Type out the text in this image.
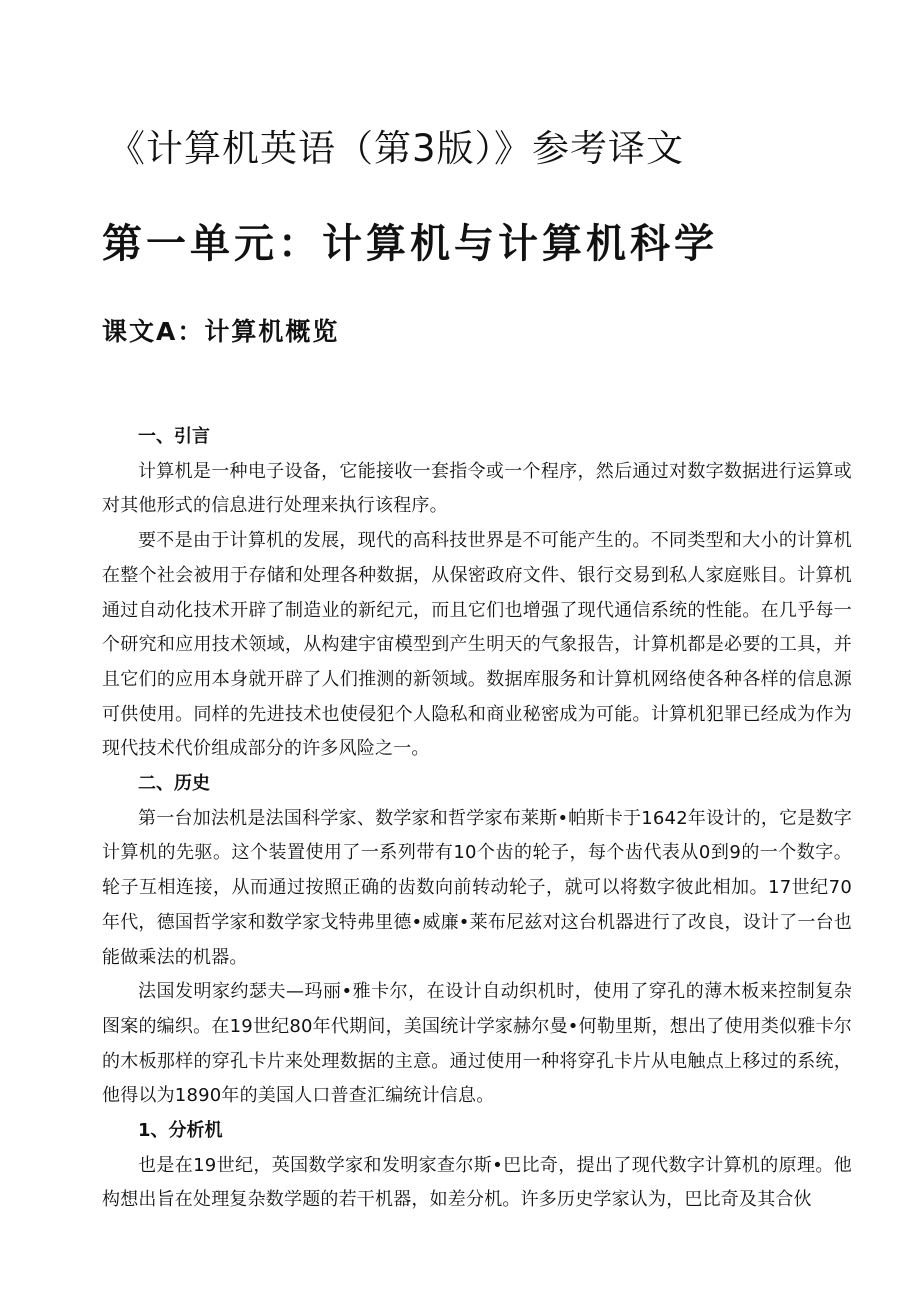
《计算机英语（第3版）》参考译文
第一单元：计算机与计算机科学
课文A：计算机概览

一、引言

计算机是一种电子设备，它能接收一套指令或一个程序，然后通过对数字数据进行运算或对其他形式的信息进行处理来执行该程序。

要不是由于计算机的发展，现代的高科技世界是不可能产生的。不同类型和大小的计算机在整个社会被用于存储和处理各种数据，从保密政府文件、银行交易到私人家庭账目。计算机通过自动化技术开辟了制造业的新纪元，而且它们也增强了现代通信系统的性能。在几乎每一个研究和应用技术领域，从构建宇宙模型到产生明天的气象报告，计算机都是必要的工具，并且它们的应用本身就开辟了人们推测的新领域。数据库服务和计算机网络使各种各样的信息源可供使用。同样的先进技术也使侵犯个人隐私和商业秘密成为可能。计算机犯罪已经成为作为现代技术代价组成部分的许多风险之一。

二、历史

第一台加法机是法国科学家、数学家和哲学家布莱斯•帕斯卡于1642年设计的，它是数字计算机的先驱。这个装置使用了一系列带有10个齿的轮子，每个齿代表从0到9的一个数字。轮子互相连接，从而通过按照正确的齿数向前转动轮子，就可以将数字彼此相加。17世纪70年代，德国哲学家和数学家戈特弗里德•威廉•莱布尼兹对这台机器进行了改良，设计了一台也能做乘法的机器。

法国发明家约瑟夫—玛丽•雅卡尔，在设计自动织机时，使用了穿孔的薄木板来控制复杂图案的编织。在19世纪80年代期间，美国统计学家赫尔曼•何勒里斯，想出了使用类似雅卡尔的木板那样的穿孔卡片来处理数据的主意。通过使用一种将穿孔卡片从电触点上移过的系统，他得以为1890年的美国人口普查汇编统计信息。

1、分析机

也是在19世纪，英国数学家和发明家查尔斯•巴比奇，提出了现代数字计算机的原理。他构想出旨在处理复杂数学题的若干机器，如差分机。许多历史学家认为，巴比奇及其合伙
